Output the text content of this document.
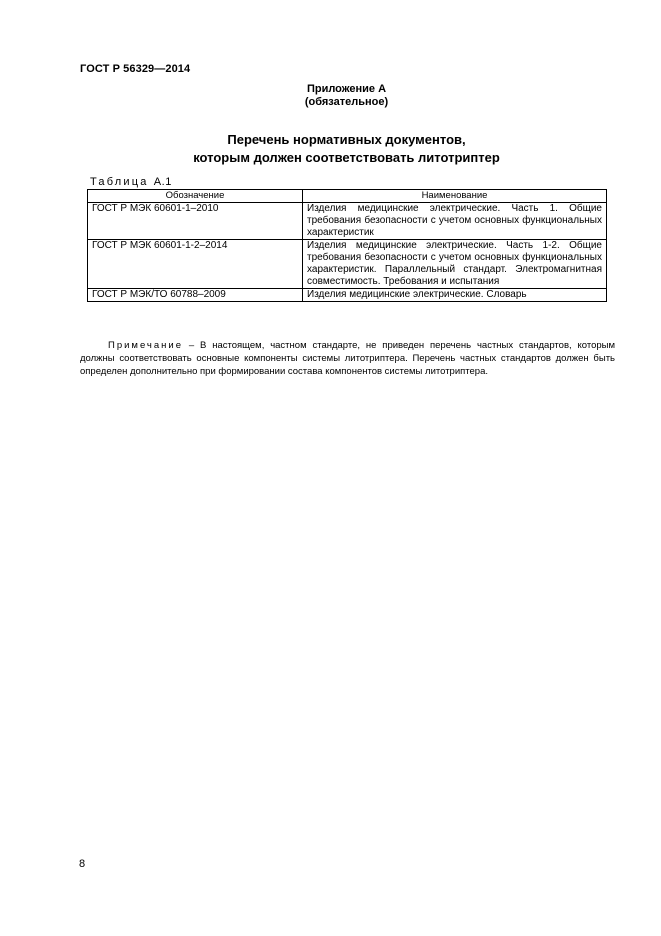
ГОСТ Р 56329—2014
Приложение А
(обязательное)
Перечень нормативных документов,
которым должен соответствовать литотриптер
Таблица А.1
Обозначение	Наименование
ГОСТ Р МЭК 60601-1–2010	Изделия медицинские электрические. Часть 1. Общие требования безопасности с учетом основных функциональных характеристик
ГОСТ Р МЭК 60601-1-2–2014	Изделия медицинские электрические. Часть 1-2. Общие требования безопасности с учетом основных функциональных характеристик. Параллельный стандарт. Электромагнитная совместимость. Требования и испытания
ГОСТ Р МЭК/ТО 60788–2009	Изделия медицинские электрические. Словарь
Примечание – В настоящем, частном стандарте, не приведен перечень частных стандартов, которым должны соответствовать основные компоненты системы литотриптера. Перечень частных стандартов должен быть определен дополнительно при формировании состава компонентов системы литотриптера.
8
